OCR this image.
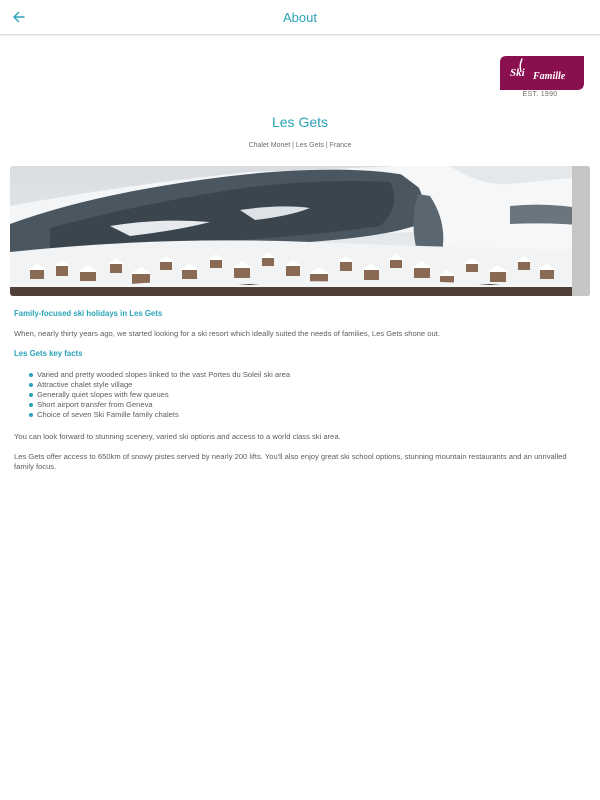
About
Ski Famille
EST. 1990
Les Gets
Chalet Monet | Les Gets | France
Family-focused ski holidays in Les Gets

When, nearly thirty years ago, we started looking for a ski resort which ideally suited the needs of families, Les Gets shone out.

Les Gets key facts
Varied and pretty wooded slopes linked to the vast Portes du Soleil ski area
Attractive chalet style village
Generally quiet slopes with few queues
Short airport transfer from Geneva
Choice of seven Ski Famille family chalets

You can look forward to stunning scenery, varied ski options and access to a world class ski area.

Les Gets offer access to 650km of snowy pistes served by nearly 200 lifts. You'll also enjoy great ski school options, stunning mountain restaurants and an unrivalled family focus.
